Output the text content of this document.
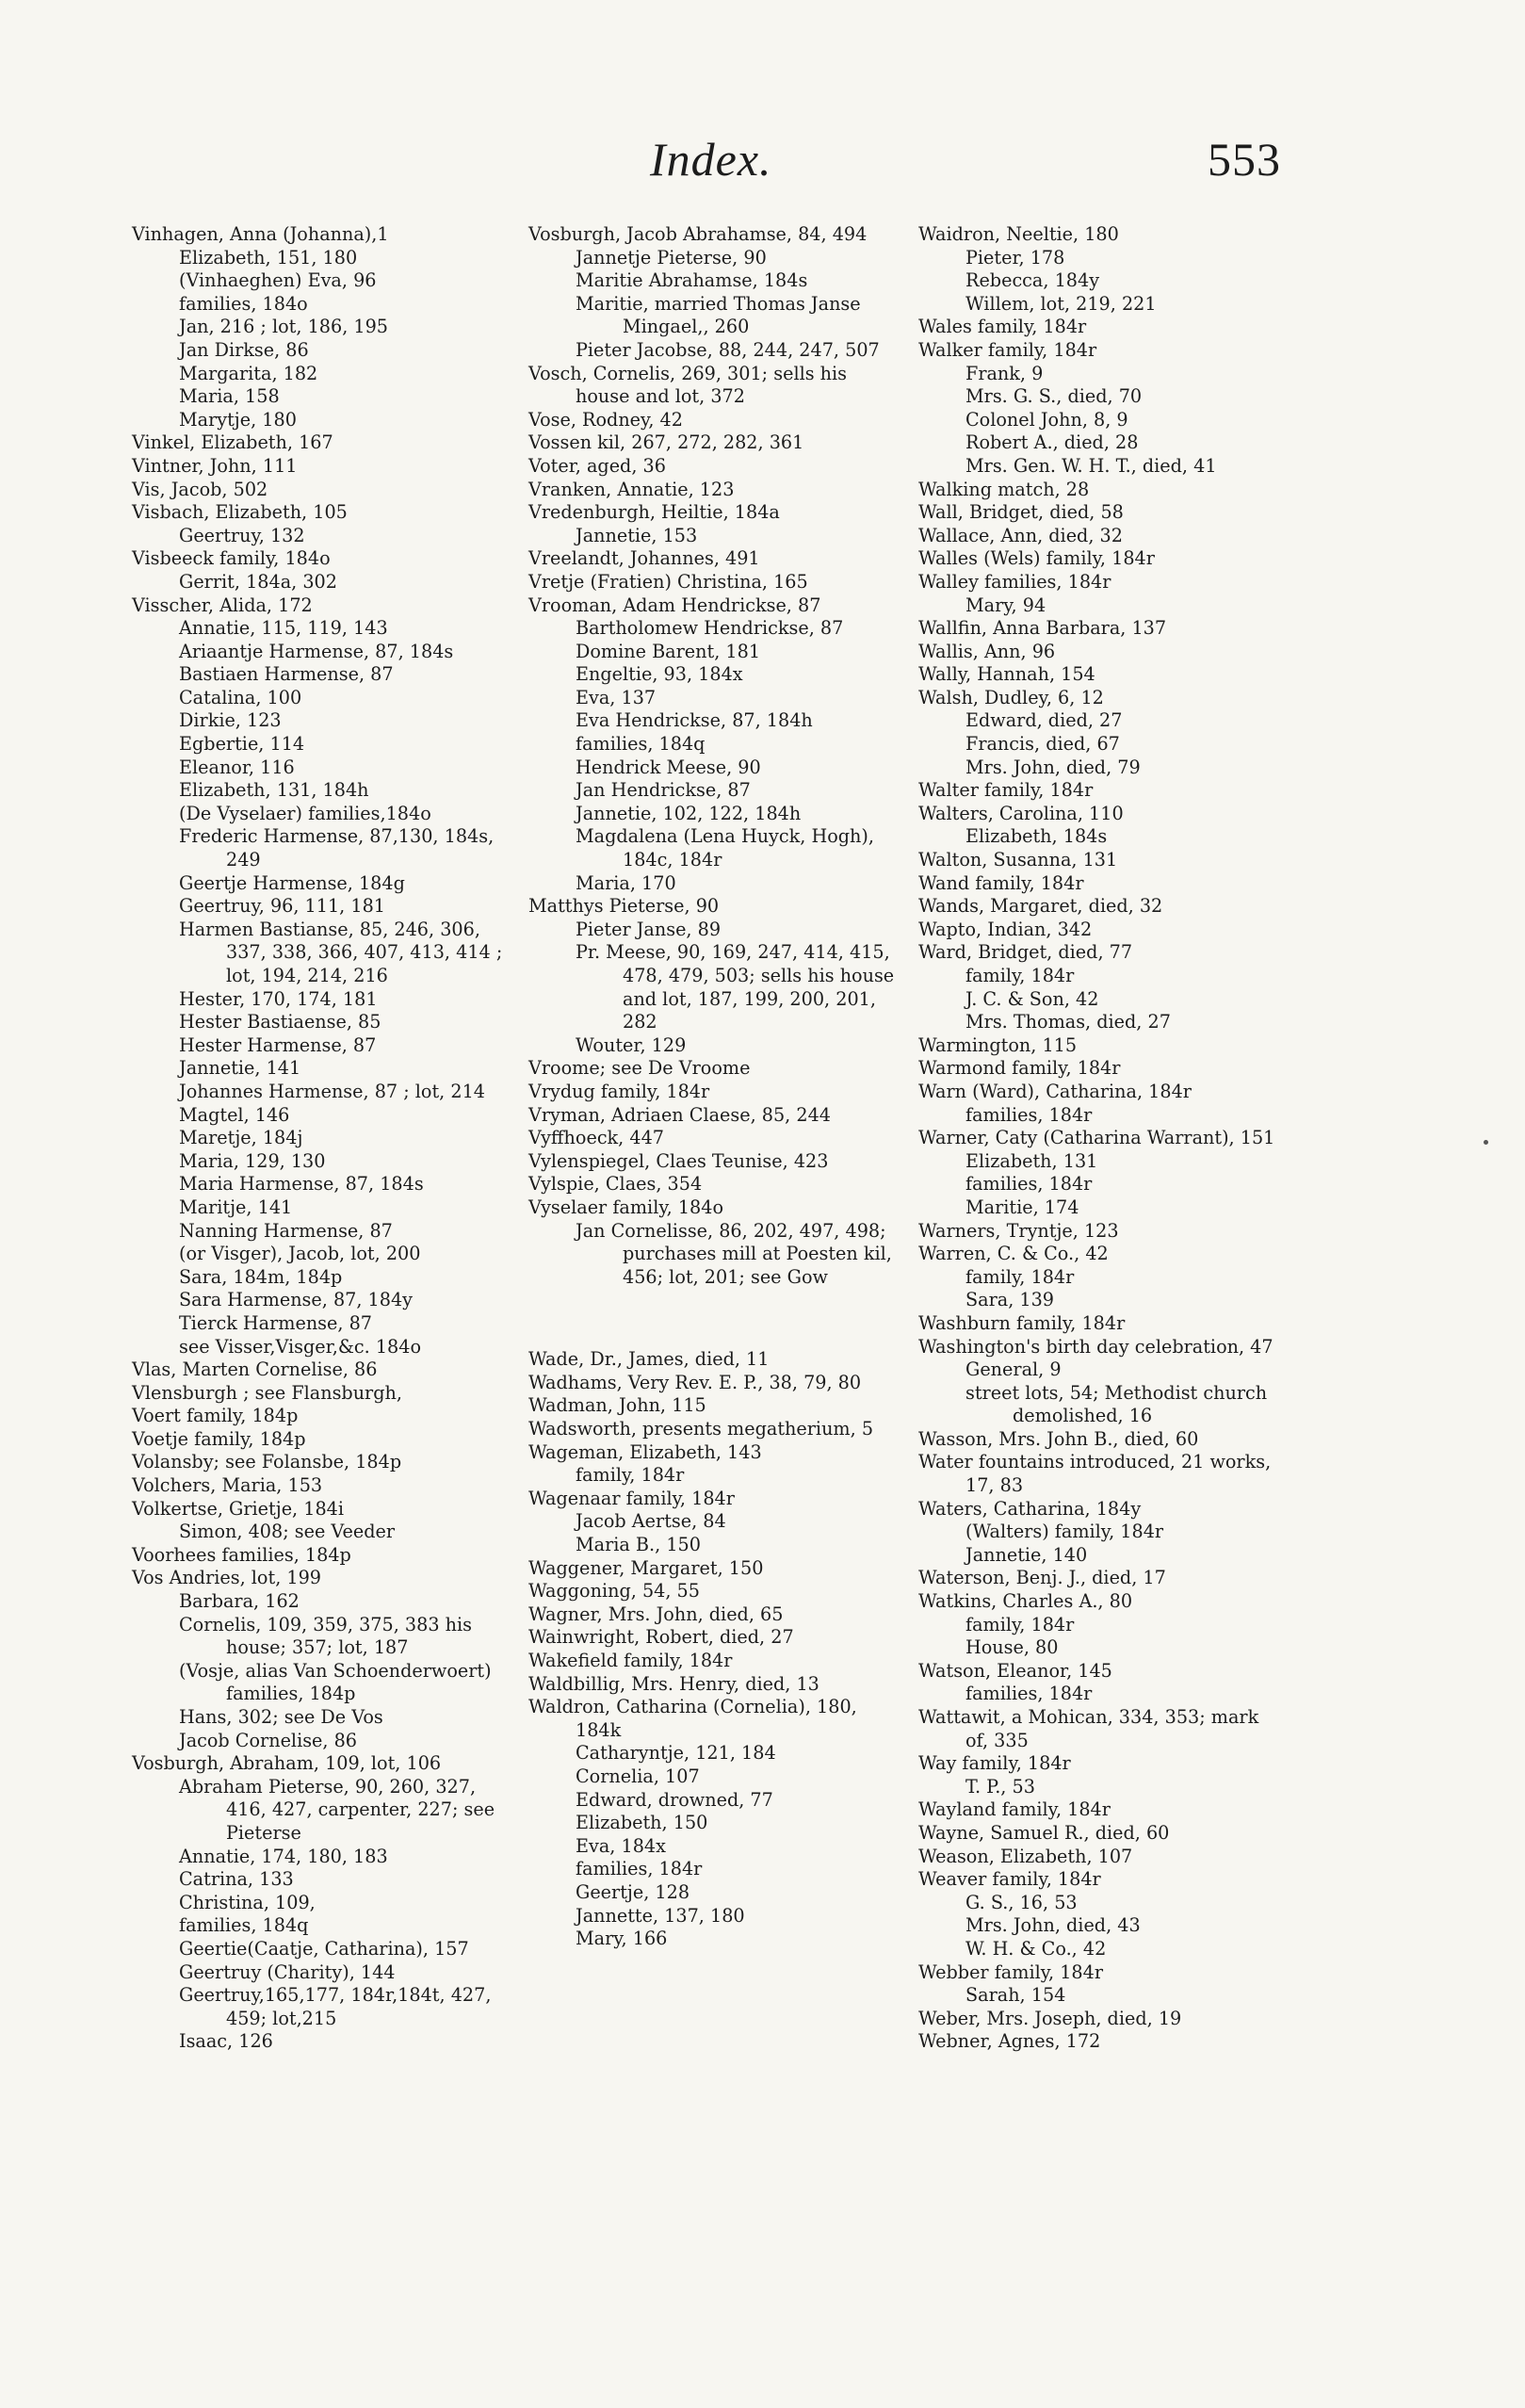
Index.	553

Vinhagen, Anna (Johanna),1

Elizabeth, 151, 180

(Vinhaeghen) Eva, 96

families, 184o

Jan, 216 ; lot, 186, 195

Jan Dirkse, 86

Margarita, 182

Maria, 158

Marytje, 180

Vinkel, Elizabeth, 167

Vintner, John, 111

Vis, Jacob, 502

Visbach, Elizabeth, 105

Geertruy, 132

Visbeeck family, 184o

Gerrit, 184a, 302

Visscher, Alida, 172

Annatie, 115, 119, 143

Ariaantje Harmense, 87, 184s

Bastiaen Harmense, 87

Catalina, 100

Dirkie, 123

Egbertie, 114

Eleanor, 116

Elizabeth, 131, 184h

(De Vyselaer) families,184o

Frederic Harmense, 87,130, 184s, 249

Geertje Harmense, 184g

Geertruy, 96, 111, 181

Harmen Bastianse, 85, 246, 306, 337, 338, 366, 407, 413, 414 ; lot, 194, 214, 216

Hester, 170, 174, 181

Hester Bastiaense, 85

Hester Harmense, 87

Jannetie, 141

Johannes Harmense, 87 ; lot, 214

Magtel, 146

Maretje, 184j

Maria, 129, 130

Maria Harmense, 87, 184s

Maritje, 141

Nanning Harmense, 87

(or Visger), Jacob, lot, 200

Sara, 184m, 184p

Sara Harmense, 87, 184y

Tierck Harmense, 87

see Visser,Visger,&c. 184o

Vlas, Marten Cornelise, 86

Vlensburgh ; see Flansburgh,

Voert family, 184p

Voetje family, 184p

Volansby; see Folansbe, 184p

Volchers, Maria, 153

Volkertse, Grietje, 184i

Simon, 408; see Veeder

Voorhees families, 184p

Vos Andries, lot, 199

Barbara, 162

Cornelis, 109, 359, 375, 383 his house; 357; lot, 187

(Vosje, alias Van Schoenderwoert) families, 184p

Hans, 302; see De Vos

Jacob Cornelise, 86

Vosburgh, Abraham, 109, lot, 106

Abraham Pieterse, 90, 260, 327, 416, 427, carpenter, 227; see Pieterse

Annatie, 174, 180, 183

Catrina, 133

Christina, 109,

families, 184q

Geertie(Caatje, Catharina), 157

Geertruy (Charity), 144

Geertruy,165,177, 184r,184t, 427, 459; lot,215

Isaac, 126

Vosburgh, Jacob Abrahamse, 84, 494

Jannetje Pieterse, 90

Maritie Abrahamse, 184s

Maritie, married Thomas Janse Mingael,, 260

Pieter Jacobse, 88, 244, 247, 507

Vosch, Cornelis, 269, 301; sells his house and lot, 372

Vose, Rodney, 42

Vossen kil, 267, 272, 282, 361

Voter, aged, 36

Vranken, Annatie, 123

Vredenburgh, Heiltie, 184a

Jannetie, 153

Vreelandt, Johannes, 491

Vretje (Fratien) Christina, 165

Vrooman, Adam Hendrickse, 87

Bartholomew Hendrickse, 87

Domine Barent, 181

Engeltie, 93, 184x

Eva, 137

Eva Hendrickse, 87, 184h

families, 184q

Hendrick Meese, 90

Jan Hendrickse, 87

Jannetie, 102, 122, 184h

Magdalena (Lena Huyck, Hogh), 184c, 184r

Maria, 170

Matthys Pieterse, 90

Pieter Janse, 89

Pr. Meese, 90, 169, 247, 414, 415, 478, 479, 503; sells his house and lot, 187, 199, 200, 201, 282

Wouter, 129

Vroome; see De Vroome

Vrydug family, 184r

Vryman, Adriaen Claese, 85, 244

Vyffhoeck, 447

Vylenspiegel, Claes Teunise, 423

Vylspie, Claes, 354

Vyselaer family, 184o

Jan Cornelisse, 86, 202, 497, 498; purchases mill at Poesten kil, 456; lot, 201; see Gow

Wade, Dr., James, died, 11

Wadhams, Very Rev. E. P., 38, 79, 80

Wadman, John, 115

Wadsworth, presents megatherium, 5

Wageman, Elizabeth, 143

family, 184r

Wagenaar family, 184r

Jacob Aertse, 84

Maria B., 150

Waggener, Margaret, 150

Waggoning, 54, 55

Wagner, Mrs. John, died, 65

Wainwright, Robert, died, 27

Wakefield family, 184r

Waldbillig, Mrs. Henry, died, 13

Waldron, Catharina (Cornelia), 180, 184k

Catharyntje, 121, 184

Cornelia, 107

Edward, drowned, 77

Elizabeth, 150

Eva, 184x

families, 184r

Geertje, 128

Jannette, 137, 180

Mary, 166

Waidron, Neeltie, 180

Pieter, 178

Rebecca, 184y

Willem, lot, 219, 221

Wales family, 184r

Walker family, 184r

Frank, 9

Mrs. G. S., died, 70

Colonel John, 8, 9

Robert A., died, 28

Mrs. Gen. W. H. T., died, 41

Walking match, 28

Wall, Bridget, died, 58

Wallace, Ann, died, 32

Walles (Wels) family, 184r

Walley families, 184r

Mary, 94

Wallfin, Anna Barbara, 137

Wallis, Ann, 96

Wally, Hannah, 154

Walsh, Dudley, 6, 12

Edward, died, 27

Francis, died, 67

Mrs. John, died, 79

Walter family, 184r

Walters, Carolina, 110

Elizabeth, 184s

Walton, Susanna, 131

Wand family, 184r

Wands, Margaret, died, 32

Wapto, Indian, 342

Ward, Bridget, died, 77

family, 184r

J. C. & Son, 42

Mrs. Thomas, died, 27

Warmington, 115

Warmond family, 184r

Warn (Ward), Catharina, 184r

families, 184r

Warner, Caty (Catharina Warrant), 151

Elizabeth, 131

families, 184r

Maritie, 174

Warners, Tryntje, 123

Warren, C. & Co., 42

family, 184r

Sara, 139

Washburn family, 184r

Washington's birth day celebration, 47

General, 9

street lots, 54; Methodist church demolished, 16

Wasson, Mrs. John B., died, 60

Water fountains introduced, 21 works, 17, 83

Waters, Catharina, 184y

(Walters) family, 184r

Jannetie, 140

Waterson, Benj. J., died, 17

Watkins, Charles A., 80

family, 184r

House, 80

Watson, Eleanor, 145

families, 184r

Wattawit, a Mohican, 334, 353; mark of, 335

Way family, 184r

T. P., 53

Wayland family, 184r

Wayne, Samuel R., died, 60

Weason, Elizabeth, 107

Weaver family, 184r

G. S., 16, 53

Mrs. John, died, 43

W. H. & Co., 42

Webber family, 184r

Sarah, 154

Weber, Mrs. Joseph, died, 19

Webner, Agnes, 172
